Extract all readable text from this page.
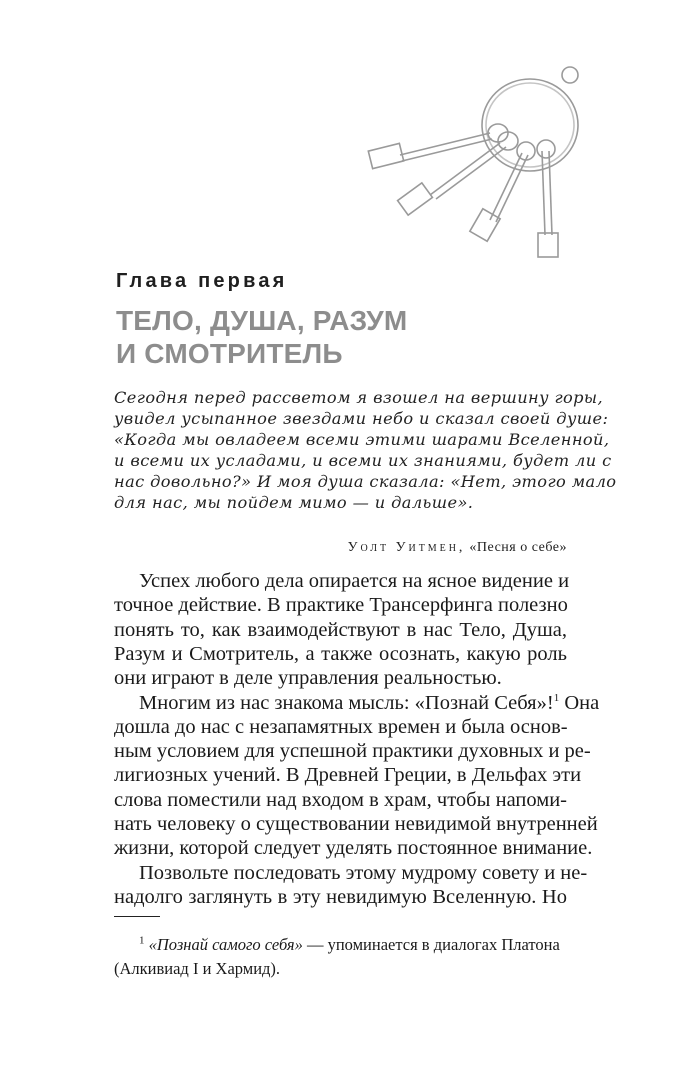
Глава первая
ТЕЛО, ДУША, РАЗУМ
И СМОТРИТЕЛЬ
Сегодня перед рассветом я взошел на вершину горы,
увидел усыпанное звездами небо и сказал своей душе:
«Когда мы овладеем всеми этими шарами Вселенной,
и всеми их усладами, и всеми их знаниями, будет ли с
нас довольно?» И моя душа сказала: «Нет, этого мало
для нас, мы пойдем мимо — и дальше».
Уолт Уитмен, «Песня о себе»
Успех любого дела опирается на ясное видение и
точное действие. В практике Трансерфинга полезно
понять то, как взаимодействуют в нас Тело, Душа,
Разум и Смотритель, а также осознать, какую роль
они играют в деле управления реальностью.
Многим из нас знакома мысль: «Познай Себя»!$^1$ Она
дошла до нас с незапамятных времен и была основ-
ным условием для успешной практики духовных и ре-
лигиозных учений. В Древней Греции, в Дельфах эти
слова поместили над входом в храм, чтобы напоми-
нать человеку о существовании невидимой внутренней
жизни, которой следует уделять постоянное внимание.
Позвольте последовать этому мудрому совету и не-
надолго заглянуть в эту невидимую Вселенную. Но
$^1$ «Познай самого себя» — упоминается в диалогах Платона
(Алкивиад I и Хармид).
